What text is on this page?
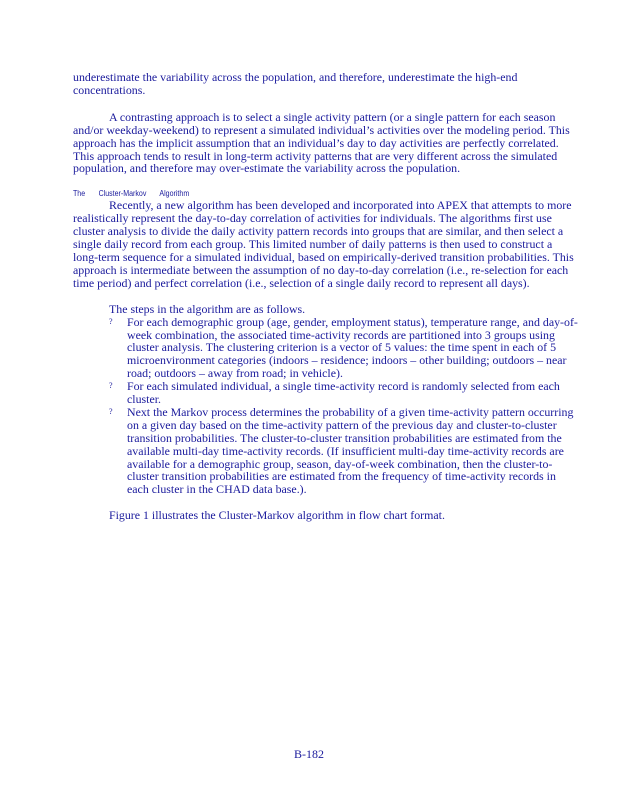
underestimate the variability across the population, and therefore, underestimate the high-end concentrations.

A contrasting approach is to select a single activity pattern (or a single pattern for each season and/or weekday-weekend) to represent a simulated individual’s activities over the modeling period. This approach has the implicit assumption that an individual’s day to day activities are perfectly correlated. This approach tends to result in long-term activity patterns that are very different across the simulated population, and therefore may over-estimate the variability across the population.

The Cluster-Markov Algorithm

Recently, a new algorithm has been developed and incorporated into APEX that attempts to more realistically represent the day-to-day correlation of activities for individuals. The algorithms first use cluster analysis to divide the daily activity pattern records into groups that are similar, and then select a single daily record from each group. This limited number of daily patterns is then used to construct a long-term sequence for a simulated individual, based on empirically-derived transition probabilities. This approach is intermediate between the assumption of no day-to-day correlation (i.e., re-selection for each time period) and perfect correlation (i.e., selection of a single daily record to represent all days).

The steps in the algorithm are as follows.

? For each demographic group (age, gender, employment status), temperature range, and day-of-week combination, the associated time-activity records are partitioned into 3 groups using cluster analysis. The clustering criterion is a vector of 5 values: the time spent in each of 5 microenvironment categories (indoors – residence; indoors – other building; outdoors – near road; outdoors – away from road; in vehicle).
? For each simulated individual, a single time-activity record is randomly selected from each cluster.
? Next the Markov process determines the probability of a given time-activity pattern occurring on a given day based on the time-activity pattern of the previous day and cluster-to-cluster transition probabilities. The cluster-to-cluster transition probabilities are estimated from the available multi-day time-activity records. (If insufficient multi-day time-activity records are available for a demographic group, season, day-of-week combination, then the cluster-to-cluster transition probabilities are estimated from the frequency of time-activity records in each cluster in the CHAD data base.).

Figure 1 illustrates the Cluster-Markov algorithm in flow chart format.

B-182
